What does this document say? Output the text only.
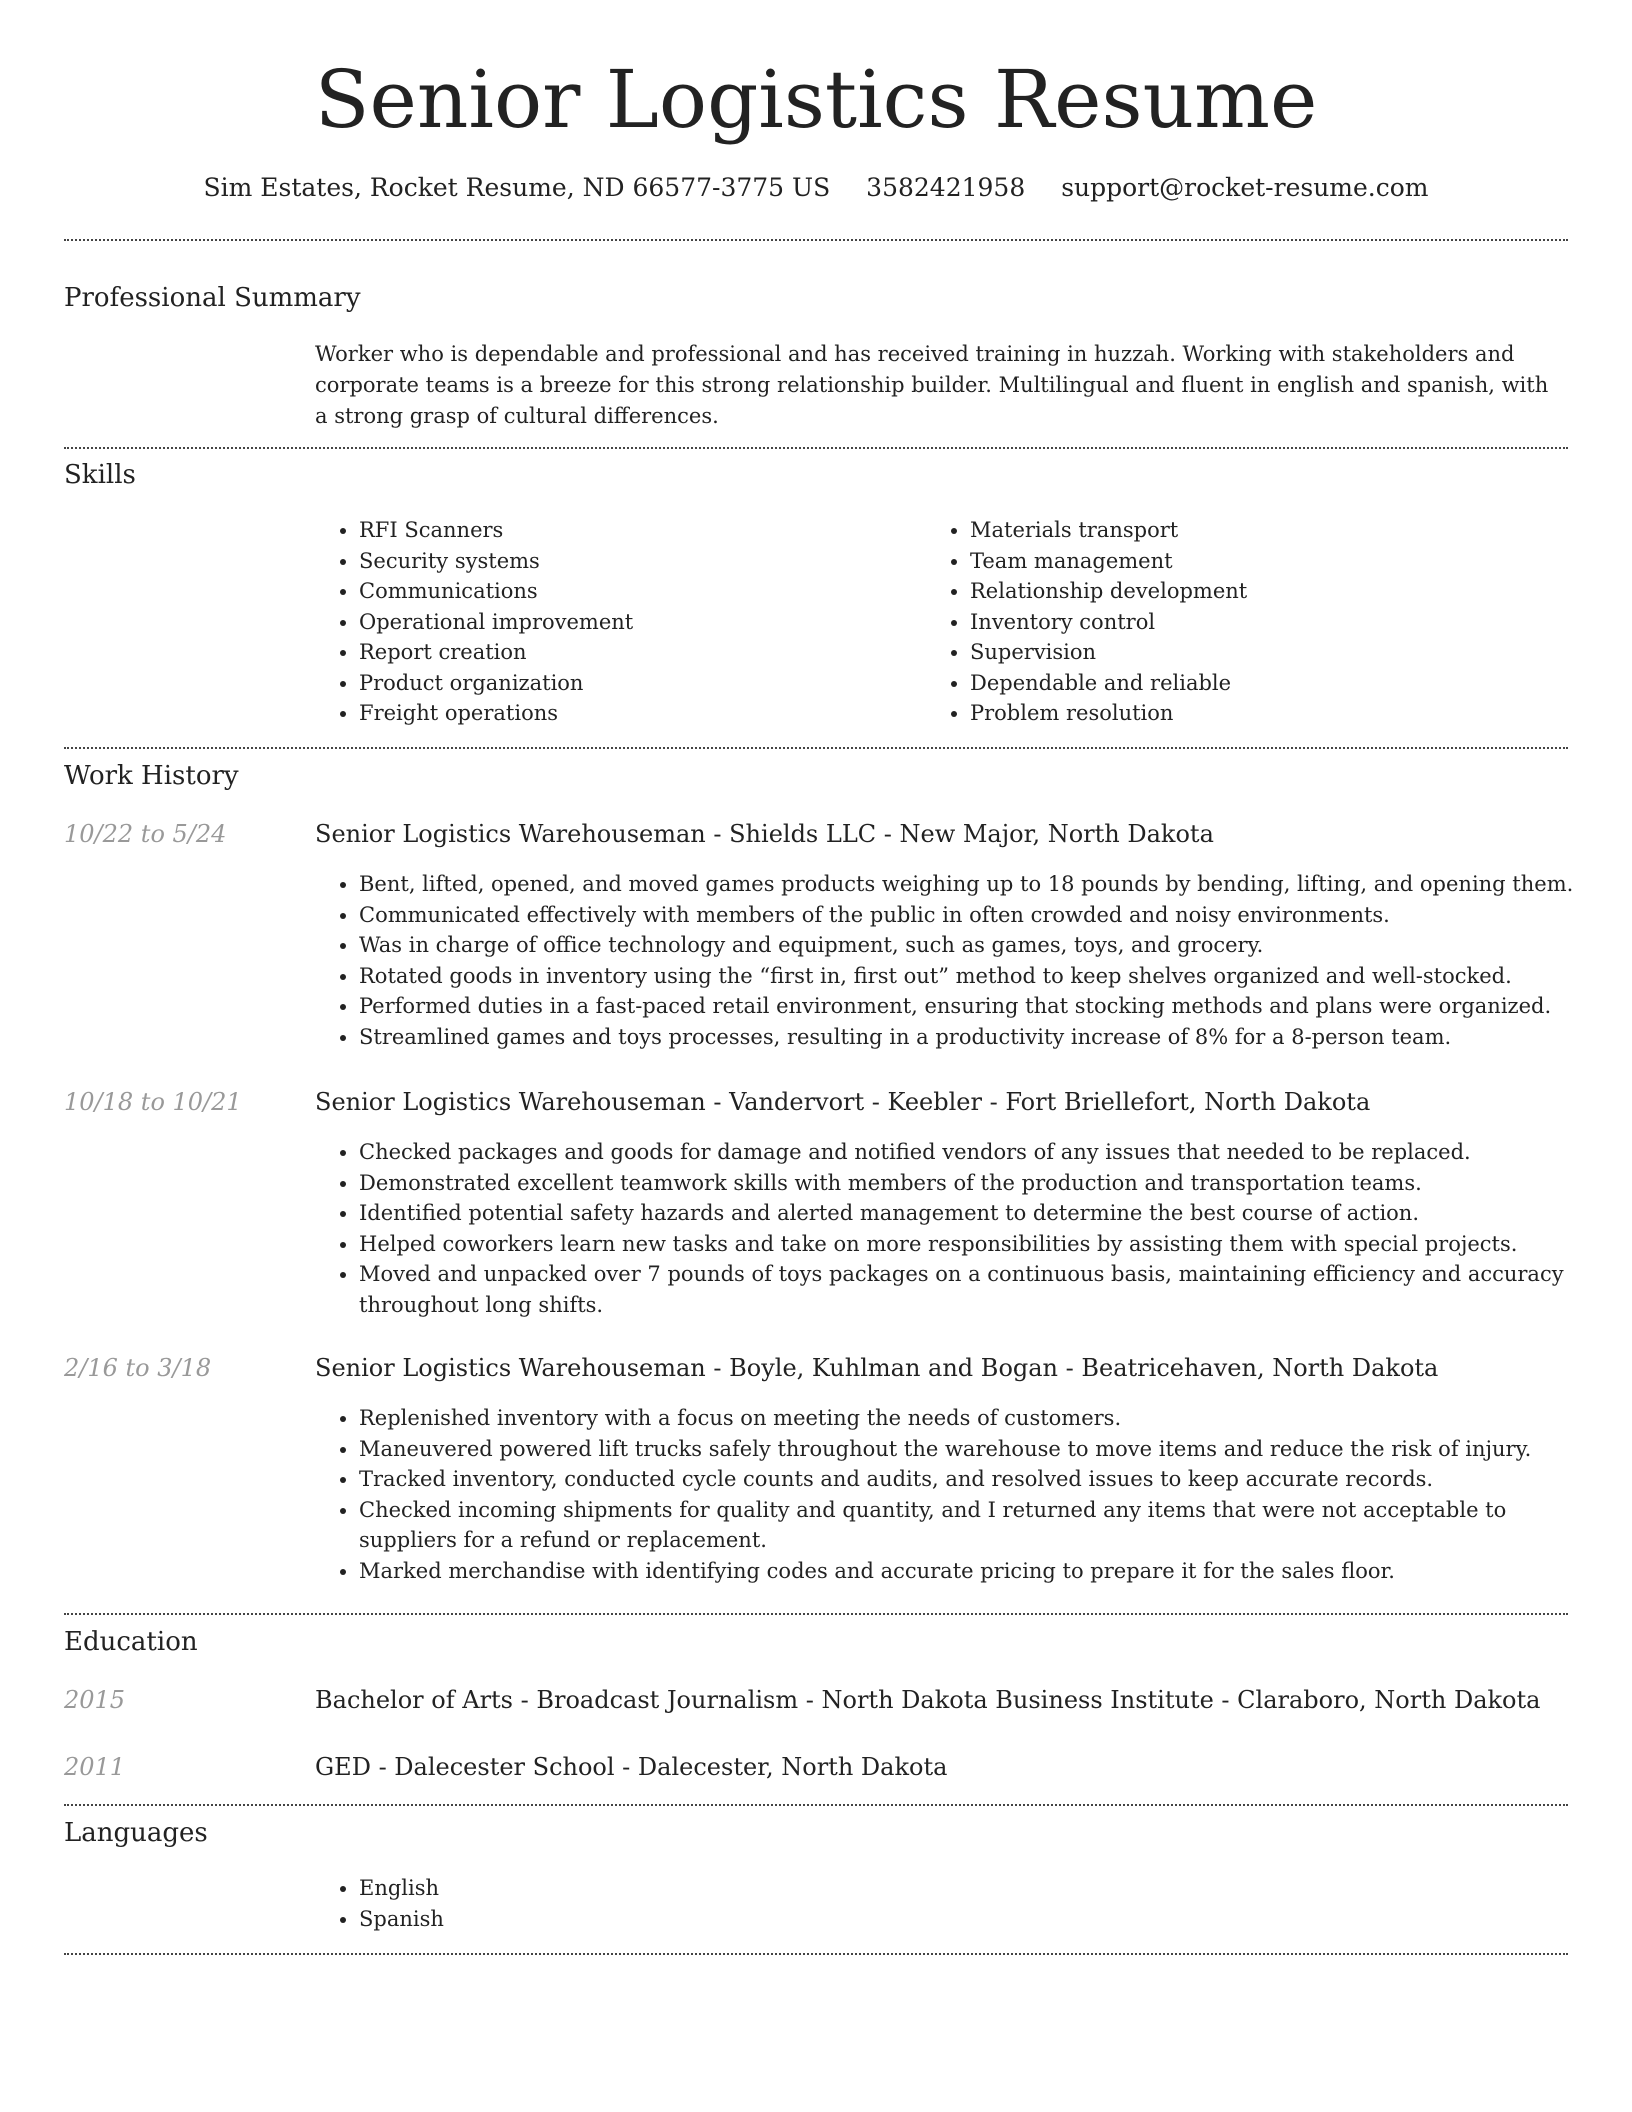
Senior Logistics Resume
Sim Estates, Rocket Resume, ND 66577-3775 US 3582421958 support@rocket-resume.com
Professional Summary

Worker who is dependable and professional and has received training in huzzah. Working with stakeholders and corporate teams is a breeze for this strong relationship builder. Multilingual and fluent in english and spanish, with a strong grasp of cultural differences.

Skills
• RFI Scanners
• Security systems
• Communications
• Operational improvement
• Report creation
• Product organization
• Freight operations
• Materials transport
• Team management
• Relationship development
• Inventory control
• Supervision
• Dependable and reliable
• Problem resolution
Work History
10/22 to 5/24	Senior Logistics Warehouseman - Shields LLC - New Major, North Dakota
• Bent, lifted, opened, and moved games products weighing up to 18 pounds by bending, lifting, and opening them.
• Communicated effectively with members of the public in often crowded and noisy environments.
• Was in charge of office technology and equipment, such as games, toys, and grocery.
• Rotated goods in inventory using the “first in, first out” method to keep shelves organized and well-stocked.
• Performed duties in a fast-paced retail environment, ensuring that stocking methods and plans were organized.
• Streamlined games and toys processes, resulting in a productivity increase of 8% for a 8-person team.
10/18 to 10/21	Senior Logistics Warehouseman - Vandervort - Keebler - Fort Briellefort, North Dakota
• Checked packages and goods for damage and notified vendors of any issues that needed to be replaced.
• Demonstrated excellent teamwork skills with members of the production and transportation teams.
• Identified potential safety hazards and alerted management to determine the best course of action.
• Helped coworkers learn new tasks and take on more responsibilities by assisting them with special projects.
• Moved and unpacked over 7 pounds of toys packages on a continuous basis, maintaining efficiency and accuracy throughout long shifts.
2/16 to 3/18	Senior Logistics Warehouseman - Boyle, Kuhlman and Bogan - Beatricehaven, North Dakota
• Replenished inventory with a focus on meeting the needs of customers.
• Maneuvered powered lift trucks safely throughout the warehouse to move items and reduce the risk of injury.
• Tracked inventory, conducted cycle counts and audits, and resolved issues to keep accurate records.
• Checked incoming shipments for quality and quantity, and I returned any items that were not acceptable to suppliers for a refund or replacement.
• Marked merchandise with identifying codes and accurate pricing to prepare it for the sales floor.
Education
2015	Bachelor of Arts - Broadcast Journalism - North Dakota Business Institute - Claraboro, North Dakota
2011	GED - Dalecester School - Dalecester, North Dakota
Languages
• English
• Spanish
